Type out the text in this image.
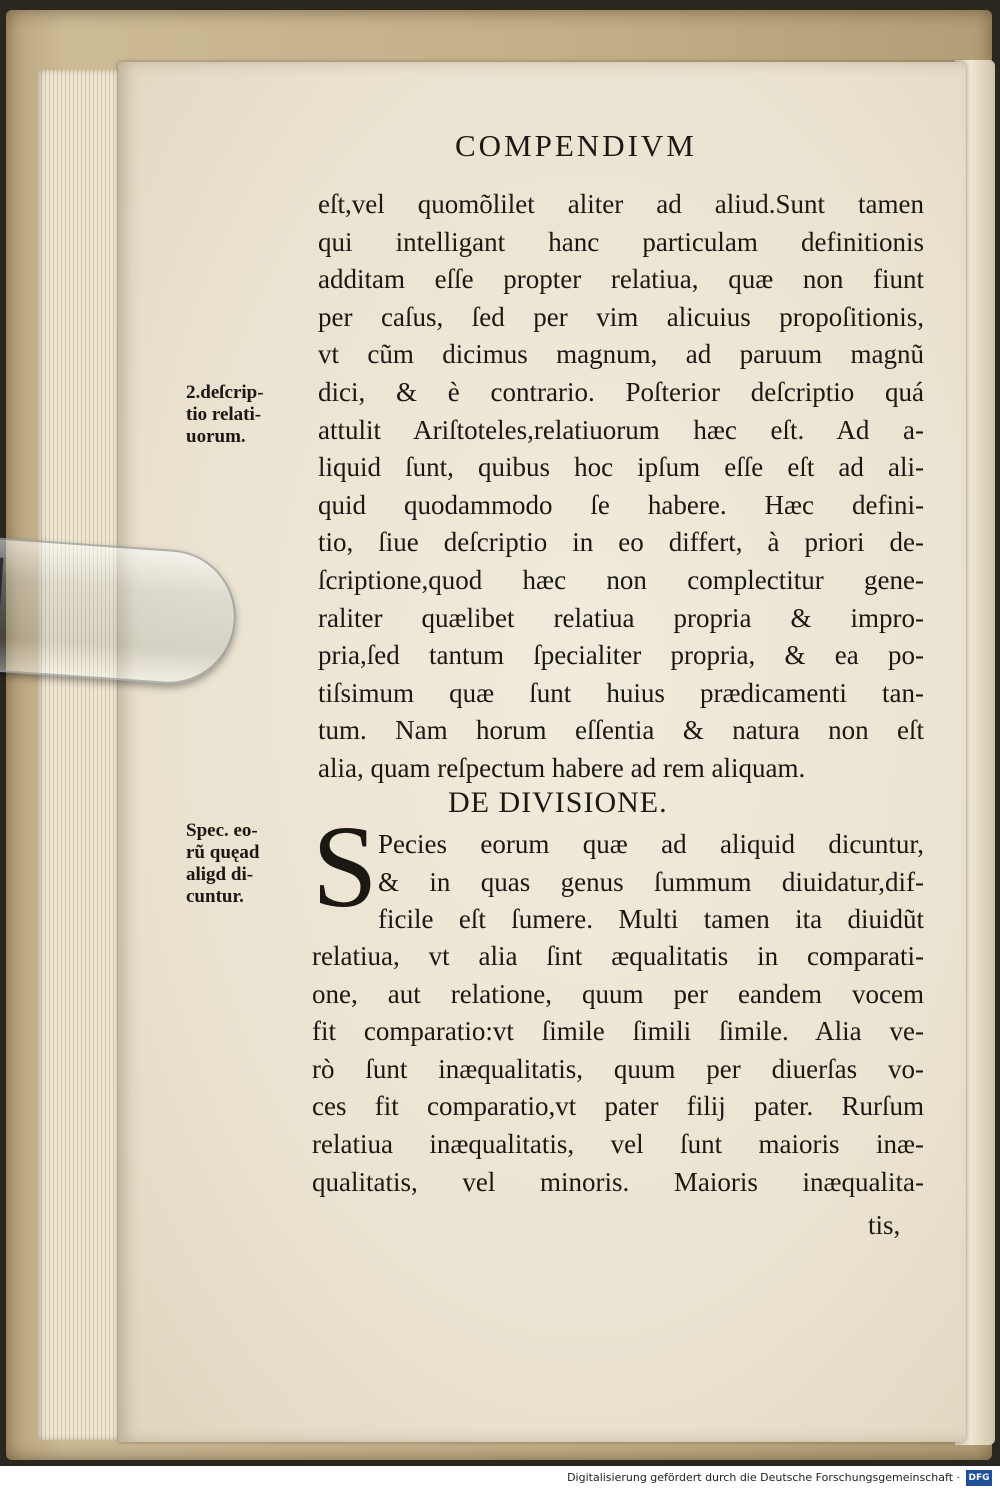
COMPENDIVM
eſt,vel quomõlilet aliter ad aliud.Sunt tamen
qui intelligant hanc particulam definitionis
additam eſſe propter relatiua, quæ non fiunt
per caſus, ſed per vim alicuius propoſitionis,
vt cũm dicimus magnum, ad paruum magnũ
dici, & è contrario. Poſterior deſcriptio quá
attulit Ariſtoteles,relatiuorum hæc eſt. Ad a-
liquid ſunt, quibus hoc ipſum eſſe eſt ad ali-
quid quodammodo ſe habere. Hæc defini-
tio, ſiue deſcriptio in eo differt, à priori de-
ſcriptione,quod hæc non complectitur gene-
raliter quælibet relatiua propria & impro-
pria,ſed tantum ſpecialiter propria, & ea po-
tiſsimum quæ ſunt huius prædicamenti tan-
tum. Nam horum eſſentia & natura non eſt
alia, quam reſpectum habere ad rem aliquam.
DE DIVISIONE.
S Pecies eorum quæ ad aliquid dicuntur,
& in quas genus ſummum diuidatur,dif-
ficile eſt ſumere. Multi tamen ita diuidũt
relatiua, vt alia ſint æqualitatis in comparati-
one, aut relatione, quum per eandem vocem
fit comparatio:vt ſimile ſimili ſimile. Alia ve-
rò ſunt inæqualitatis, quum per diuerſas vo-
ces fit comparatio,vt pater filij pater. Rurſum
relatiua inæqualitatis, vel ſunt maioris inæ-
qualitatis, vel minoris. Maioris inæqualita-
tis,
2.deſcrip-
tio relati-
uorum.
Spec. eo-
rũ quęad
aligd di-
cuntur.
Digitalisierung gefördert durch die Deutsche Forschungsgemeinschaft · DFG
